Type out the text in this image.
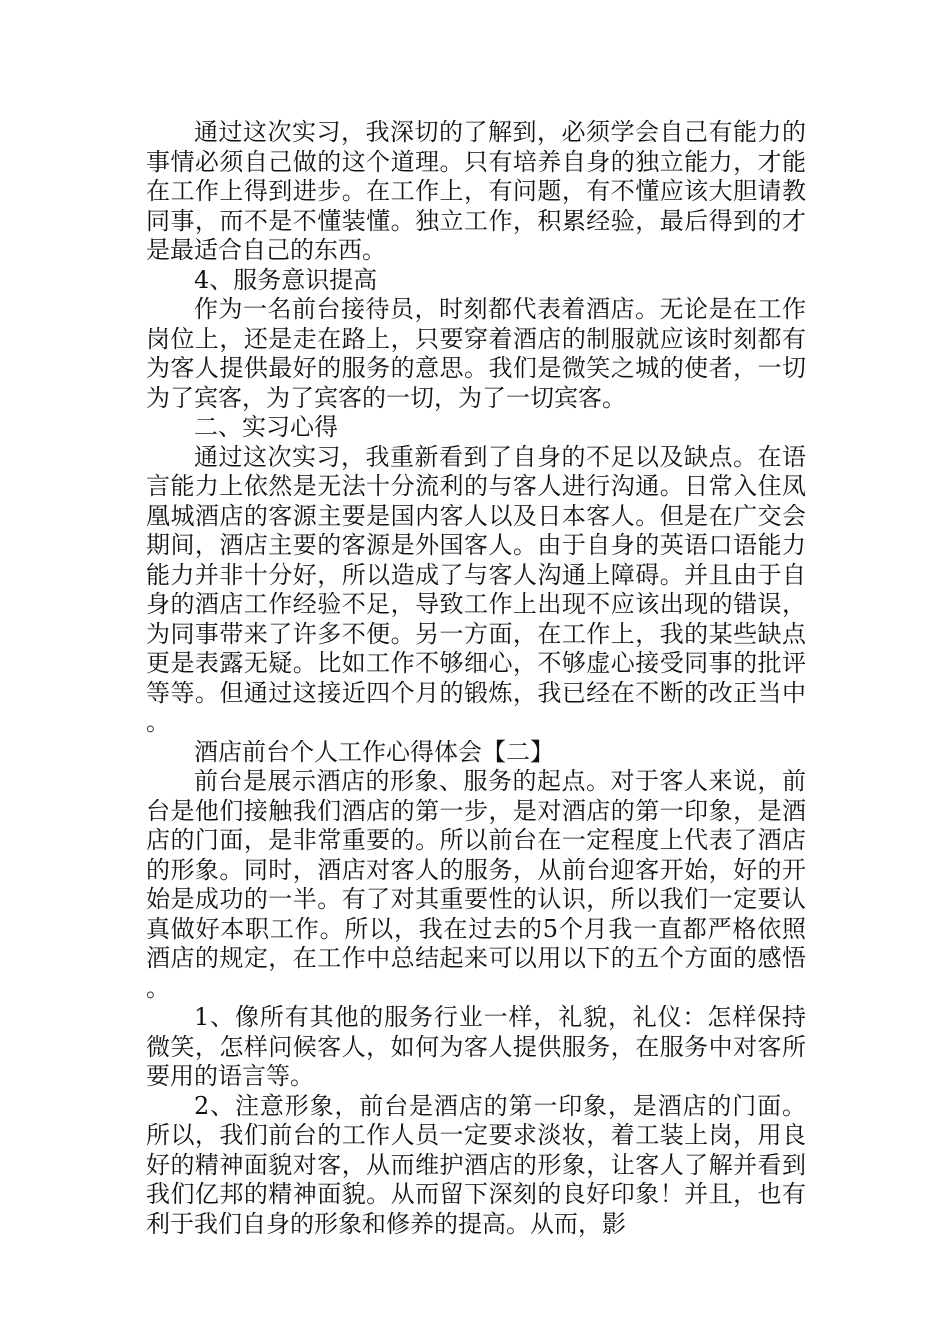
通过这次实习，我深切的了解到，必须学会自己有能力的事情必须自己做的这个道理。只有培养自身的独立能力，才能在工作上得到进步。在工作上，有问题，有不懂应该大胆请教同事，而不是不懂装懂。独立工作，积累经验，最后得到的才是最适合自己的东西。

4、服务意识提高

作为一名前台接待员，时刻都代表着酒店。无论是在工作岗位上，还是走在路上，只要穿着酒店的制服就应该时刻都有为客人提供最好的服务的意思。我们是微笑之城的使者，一切为了宾客，为了宾客的一切，为了一切宾客。

二、实习心得

通过这次实习，我重新看到了自身的不足以及缺点。在语言能力上依然是无法十分流利的与客人进行沟通。日常入住凤凰城酒店的客源主要是国内客人以及日本客人。但是在广交会期间，酒店主要的客源是外国客人。由于自身的英语口语能力能力并非十分好，所以造成了与客人沟通上障碍。并且由于自身的酒店工作经验不足，导致工作上出现不应该出现的错误，为同事带来了许多不便。另一方面，在工作上，我的某些缺点更是表露无疑。比如工作不够细心，不够虚心接受同事的批评等等。但通过这接近四个月的锻炼，我已经在不断的改正当中。

酒店前台个人工作心得体会【二】

前台是展示酒店的形象、服务的起点。对于客人来说，前台是他们接触我们酒店的第一步，是对酒店的第一印象，是酒店的门面，是非常重要的。所以前台在一定程度上代表了酒店的形象。同时，酒店对客人的服务，从前台迎客开始，好的开始是成功的一半。有了对其重要性的认识，所以我们一定要认真做好本职工作。所以，我在过去的5个月我一直都严格依照酒店的规定，在工作中总结起来可以用以下的五个方面的感悟。

1、像所有其他的服务行业一样，礼貌，礼仪：怎样保持微笑，怎样问候客人，如何为客人提供服务，在服务中对客所要用的语言等。

2、注意形象，前台是酒店的第一印象，是酒店的门面。所以，我们前台的工作人员一定要求淡妆，着工装上岗，用良好的精神面貌对客，从而维护酒店的形象，让客人了解并看到我们亿邦的精神面貌。从而留下深刻的良好印象！并且，也有利于我们自身的形象和修养的提高。从而，影
